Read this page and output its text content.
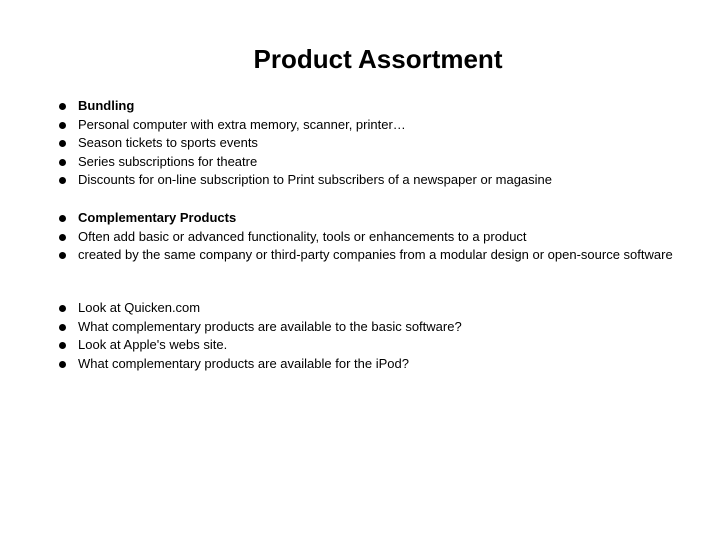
Product Assortment
Bundling
Personal computer with extra memory, scanner, printer…
Season tickets to sports events
Series subscriptions for theatre
Discounts for on-line subscription to Print subscribers of a newspaper or magasine
Complementary Products
Often add basic or advanced functionality, tools or enhancements to a product
created by the same company or third-party companies from a modular design or open-source software
Look at Quicken.com
What complementary products are available to the basic software?
Look at Apple's webs site.
What complementary products are available for the iPod?
